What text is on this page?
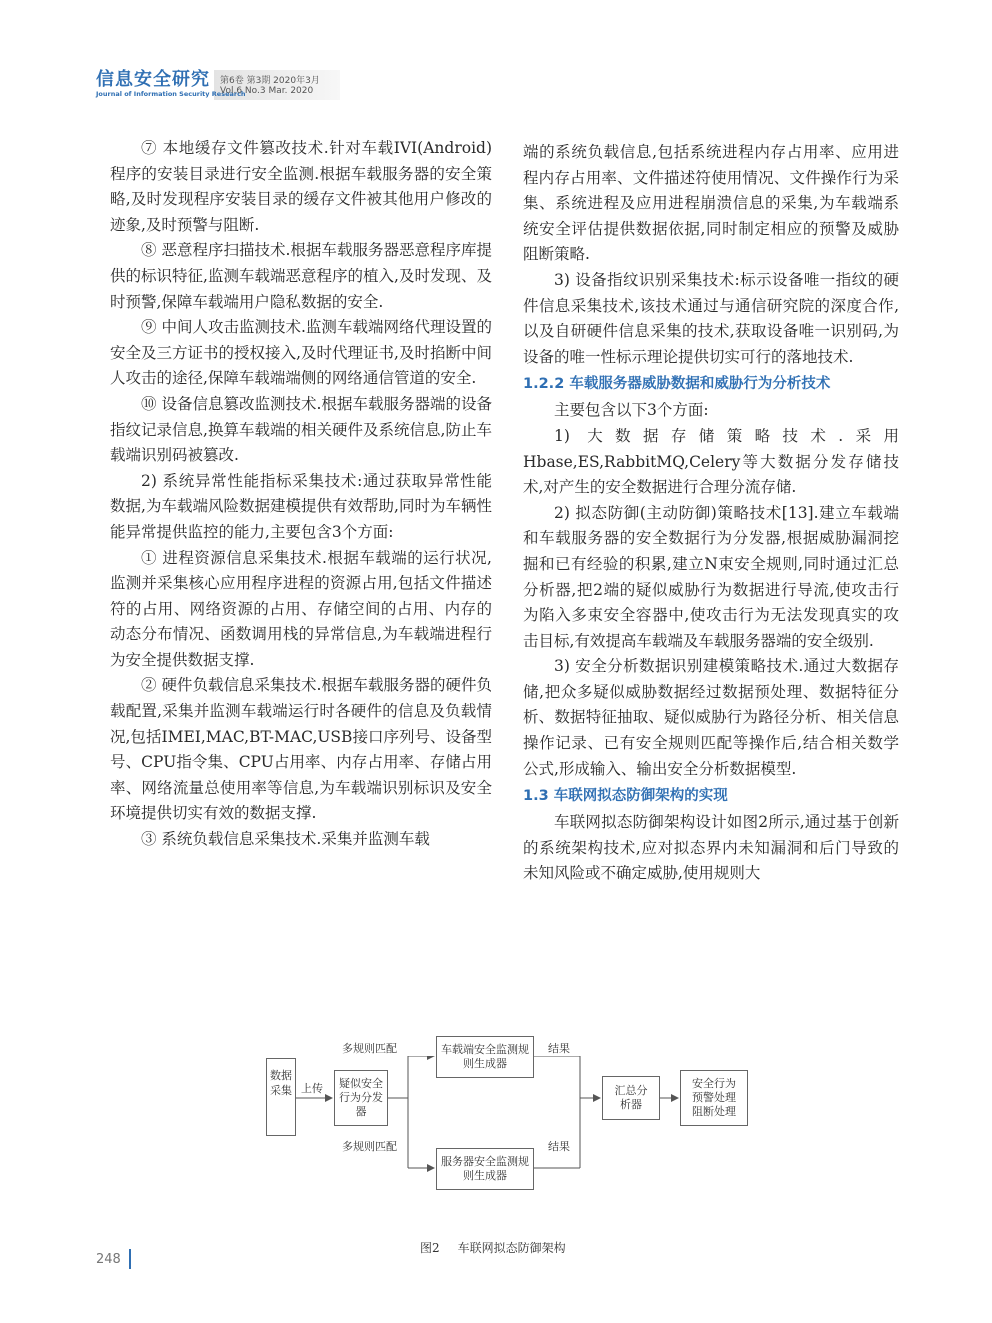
信息安全研究
Journal of Information Security Research
第6卷 第3期 2020年3月
Vol.6 No.3 Mar. 2020

⑦ 本地缓存文件篡改技术.针对车载IVI(Android)程序的安装目录进行安全监测.根据车载服务器的安全策略,及时发现程序安装目录的缓存文件被其他用户修改的迹象,及时预警与阻断.

⑧ 恶意程序扫描技术.根据车载服务器恶意程序库提供的标识特征,监测车载端恶意程序的植入,及时发现、及时预警,保障车载端用户隐私数据的安全.

⑨ 中间人攻击监测技术.监测车载端网络代理设置的安全及三方证书的授权接入,及时代理证书,及时掐断中间人攻击的途径,保障车载端端侧的网络通信管道的安全.

⑩ 设备信息篡改监测技术.根据车载服务器端的设备指纹记录信息,换算车载端的相关硬件及系统信息,防止车载端识别码被篡改.

2) 系统异常性能指标采集技术:通过获取异常性能数据,为车载端风险数据建模提供有效帮助,同时为车辆性能异常提供监控的能力,主要包含3个方面:

① 进程资源信息采集技术.根据车载端的运行状况,监测并采集核心应用程序进程的资源占用,包括文件描述符的占用、网络资源的占用、存储空间的占用、内存的动态分布情况、函数调用栈的异常信息,为车载端进程行为安全提供数据支撑.

② 硬件负载信息采集技术.根据车载服务器的硬件负载配置,采集并监测车载端运行时各硬件的信息及负载情况,包括IMEI,MAC,BT-MAC,USB接口序列号、设备型号、CPU指令集、CPU占用率、内存占用率、存储占用率、网络流量总使用率等信息,为车载端识别标识及安全环境提供切实有效的数据支撑.

③ 系统负载信息采集技术.采集并监测车载

端的系统负载信息,包括系统进程内存占用率、应用进程内存占用率、文件描述符使用情况、文件操作行为采集、系统进程及应用进程崩溃信息的采集,为车载端系统安全评估提供数据依据,同时制定相应的预警及威胁阻断策略.

3) 设备指纹识别采集技术:标示设备唯一指纹的硬件信息采集技术,该技术通过与通信研究院的深度合作,以及自研硬件信息采集的技术,获取设备唯一识别码,为设备的唯一性标示理论提供切实可行的落地技术.

1.2.2 车载服务器威胁数据和威胁行为分析技术

主要包含以下3个方面:

1) 大数据存储策略技术.采用Hbase,ES,RabbitMQ,Celery等大数据分发存储技术,对产生的安全数据进行合理分流存储.

2) 拟态防御(主动防御)策略技术[13].建立车载端和车载服务器的安全数据行为分发器,根据威胁漏洞挖掘和已有经验的积累,建立N束安全规则,同时通过汇总分析器,把2端的疑似威胁行为数据进行导流,使攻击行为陷入多束安全容器中,使攻击行为无法发现真实的攻击目标,有效提高车载端及车载服务器端的安全级别.

3) 安全分析数据识别建模策略技术.通过大数据存储,把众多疑似威胁数据经过数据预处理、数据特征分析、数据特征抽取、疑似威胁行为路径分析、相关信息操作记录、已有安全规则匹配等操作后,结合相关数学公式,形成输入、输出安全分析数据模型.

1.3 车联网拟态防御架构的实现

车联网拟态防御架构设计如图2所示,通过基于创新的系统架构技术,应对拟态界内未知漏洞和后门导致的未知风险或不确定威胁,使用规则大

数据采集 上传	疑似安全行为分发器
多规则匹配
多规则匹配
车载端安全监测规则生成器
服务器安全监测规则生成器
结果
结果
汇总分析器
安全行为预警处理阻断处理
图2 车联网拟态防御架构
248
